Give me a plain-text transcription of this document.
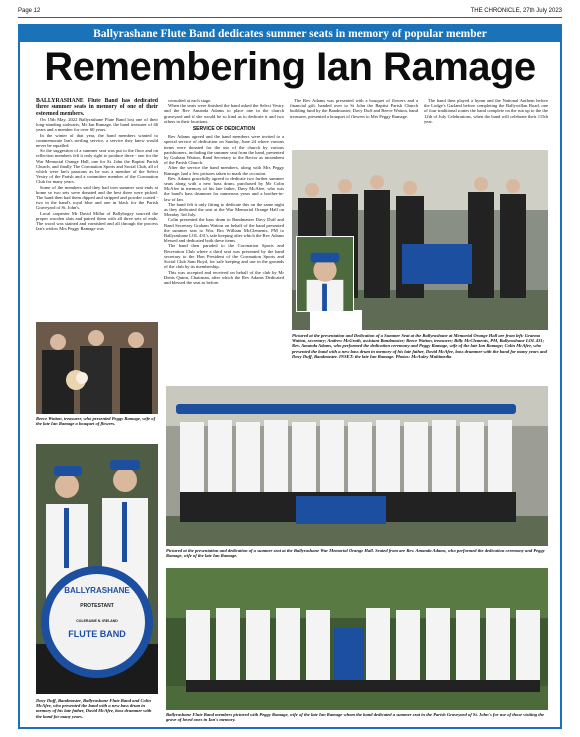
Page 12	THE CHRONICLE, 27th July 2023
Ballyrashane Flute Band dedicates summer seats in memory of popular member
Remembering Ian Ramage

BALLYRASHANE Flute Band has dedicated three summer seats in memory of one of their esteemed members.

On 15th May, 2022 Ballyrashane Flute Band lost one of their long-standing stalwarts, Mr Ian Ramage, the band treasurer of 46 years and a member for over 60 years.

In the winter of that year, the band members wanted to commemorate Ian's sterling service, a service they knew would never be equalled.

So the suggestion of a summer seat was put to the floor and on reflection members felt it only right to produce three - one for the War Memorial Orange Hall, one for St. John the Baptist Parish Church, and finally The Coronation Sports and Social Club, all of which were Ian's passions as he was a member of the Select Vestry of the Parish and a committee member of the Coronation Club for many years.

Some of the members said they had iron summer seat ends at home so two sets were donated and the best three were picked. The band then had them dipped and stripped and powder coated - two in the band's royal blue and one in black for the Parish Graveyard of St. John's.

Local carpenter Mr David Millar of Ballybogey sourced the proper wooden slats and paired them with all three sets of ends. The wood was stained and varnished and all through the process Ian's widow Mrs Peggy Ramage was

consulted at each stage.

When the seats were finished the band asked the Select Vestry and the Rev Amanda Adams to place one in the church graveyard and if she would be so kind as to dedicate it and two others in their locations.

SERVICE OF DEDICATION

Rev Adams agreed and the band members were invited to a special service of dedication on Sunday, June 24 where various items were donated for the use of the church by various parishioners, including the summer seat from the band, presented by Graham Watton, Band Secretary to the Rector as incumbent of the Parish Church.

After the service the band members, along with Mrs Peggy Ramage, had a few pictures taken to mark the occasion.

Rev. Adams gracefully agreed to dedicate two further summer seats along with a new bass drum, purchased by Mr Colin McAfee in memory of his late father, Davy McAfee, who was the band's bass drummer for numerous years and a brother-in-law of Ian.

The band felt it only fitting to dedicate this on the same night as they dedicated the seat at the War Memorial Orange Hall on Monday 3rd July.

Colin presented the bass drum to Bandmaster Davy Duff and Band Secretary Graham Watton on behalf of the band presented the summer seat to Wor. Bro William McClements, PM to Ballyrashane LOL 431's safe keeping after which the Rev Adams blessed and dedicated both these items.

The band then paraded to the Coronation Sports and Recreation Club where a third seat was presented by the band secretary to the Hon President of the Coronation Sports and Social Club Sam Boyd, for safe keeping and use in the grounds of the club by its membership.

This was accepted and received on behalf of the club by Mr Denis Quinn, Chairman, after which the Rev Adams Dedicated and blessed the seat as before.

The Rev Adams was presented with a bouquet of flowers and a financial gift, handed over to St John the Baptist Parish Church building fund by the Bandmaster, Davy Duff and Reece Watton, band treasurer, presented a bouquet of flowers to Mrs Peggy Ramage.

The band then played a hymn and the National Anthem before the Lodge's Garland before completing the Ballywillan Road, one of four traditional routes the band complete on the run up to the the 12th of July Celebrations, when the band will celebrate their 115th year.

Pictured at the presentation and Dedication of a Summer Seat at the Ballyrashane at Memorial Orange Hall are from left: Graema Watton, secretary; Andrew McGrath, assistant Bandmaster; Reece Watton, treasurer; Billy McClements, PM, Ballyrashane LOL 431; Rev. Amanda Adams, who performed the dedication ceremony and Peggy Ramage, wife of the late Ian Ramage; Colin McAfee, who presented the band with a new bass drum in memory of his late father, David McAfee, bass drummer with the band for many years and Davy Duff, Bandmaster. INSET: the late Ian Ramage. Photos: McAuley Multimedia
Reece Watton, treasurer, who presented Peggy Ramage, wife of the late Ian Ramage a bouquet of flowers.
Pictured at the presentation and dedication of a summer seat at the Ballyrashane War Memorial Orange Hall. Seated from are Rev. Amanda Adams, who performed the dedication ceremony and Peggy Ramage, wife of the late Ian Ramage.
BALLYRASHANE
PROTESTANT
COLERAINE N. IRELAND
FLUTE BAND
Davy Duff, Bandmaster, Ballyrashane Flute Band and Colin McAfee, who presented the band with a new bass drum in memory of his late father, David McAfee, bass drummer with the band for many years.	Ballyrashane Flute Band members pictured with Peggy Ramage, wife of the late Ian Ramage whom the band dedicated a summer seat in the Parish Graveyard of St. John's for use of those visiting the grave of loved ones in Ian's memory.
